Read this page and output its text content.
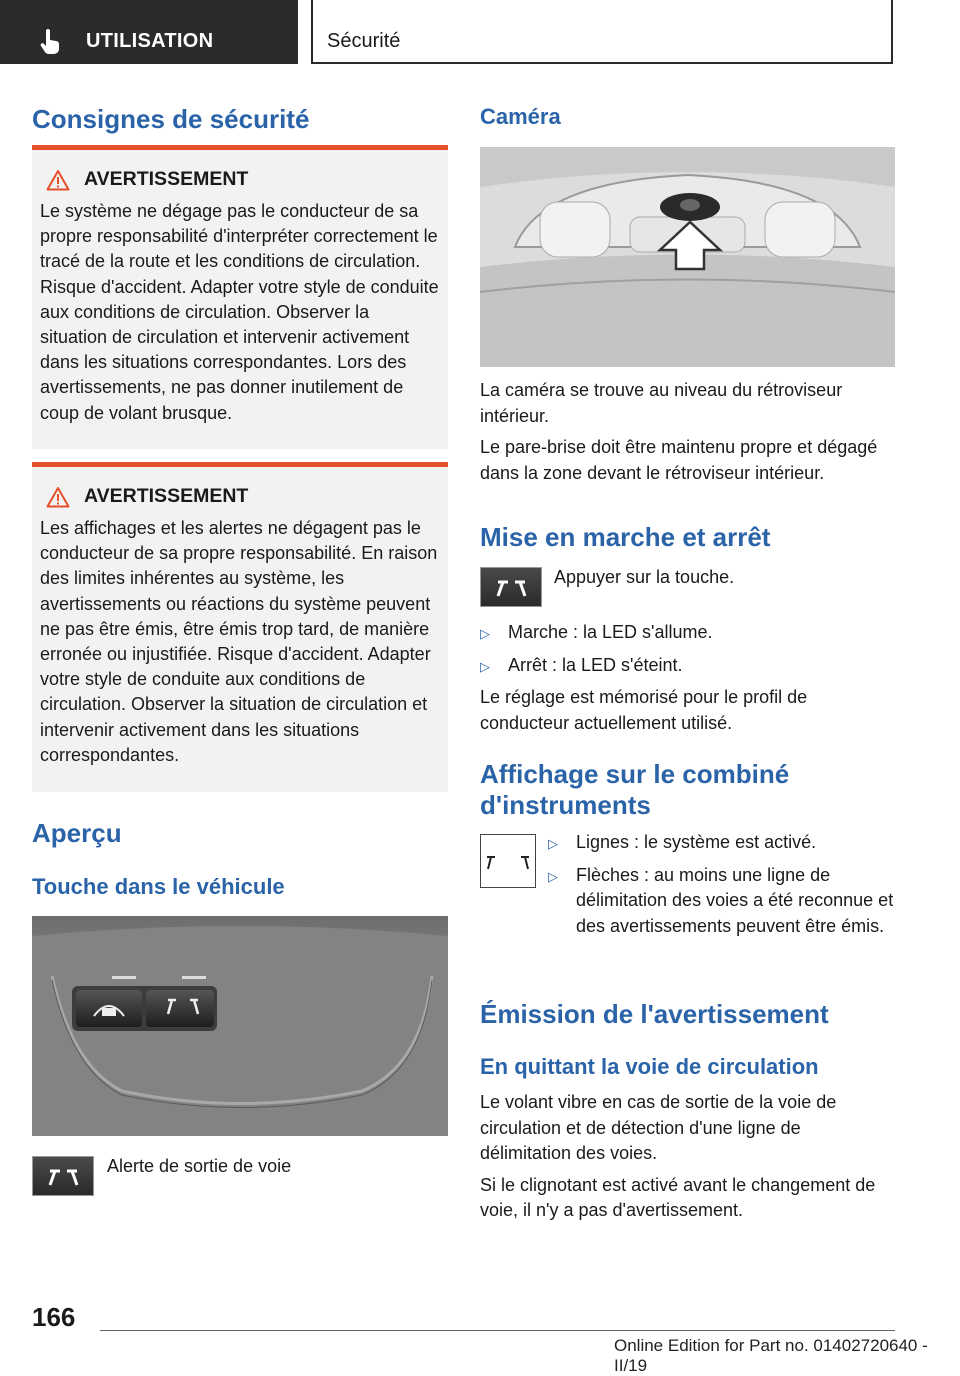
UTILISATION	Sécurité
Consignes de sécurité
AVERTISSEMENT

Le système ne dégage pas le conducteur de sa propre responsabilité d'interpréter correctement le tracé de la route et les conditions de circulation. Risque d'accident. Adapter votre style de conduite aux conditions de circulation. Observer la situation de circulation et intervenir activement dans les situations correspondantes. Lors des avertissements, ne pas donner inutilement de coup de volant brusque.

AVERTISSEMENT

Les affichages et les alertes ne dégagent pas le conducteur de sa propre responsabilité. En raison des limites inhérentes au système, les avertissements ou réactions du système peuvent ne pas être émis, être émis trop tard, de manière erronée ou injustifiée. Risque d'accident. Adapter votre style de conduite aux conditions de circulation. Observer la situation de circulation et intervenir activement dans les situations correspondantes.

Aperçu
Touche dans le véhicule
Alerte de sortie de voie
Caméra

La caméra se trouve au niveau du rétroviseur intérieur.

Le pare-brise doit être maintenu propre et dégagé dans la zone devant le rétroviseur intérieur.

Mise en marche et arrêt
Appuyer sur la touche.
▷	Marche : la LED s'allume.
▷	Arrêt : la LED s'éteint.

Le réglage est mémorisé pour le profil de conducteur actuellement utilisé.

Affichage sur le combiné d'instruments
▷	Lignes : le système est activé.
▷	Flèches : au moins une ligne de délimitation des voies a été reconnue et des avertissements peuvent être émis.
Émission de l'avertissement
En quittant la voie de circulation

Le volant vibre en cas de sortie de la voie de circulation et de détection d'une ligne de délimitation des voies.

Si le clignotant est activé avant le changement de voie, il n'y a pas d'avertissement.

166
Online Edition for Part no. 01402720640 - II/19
